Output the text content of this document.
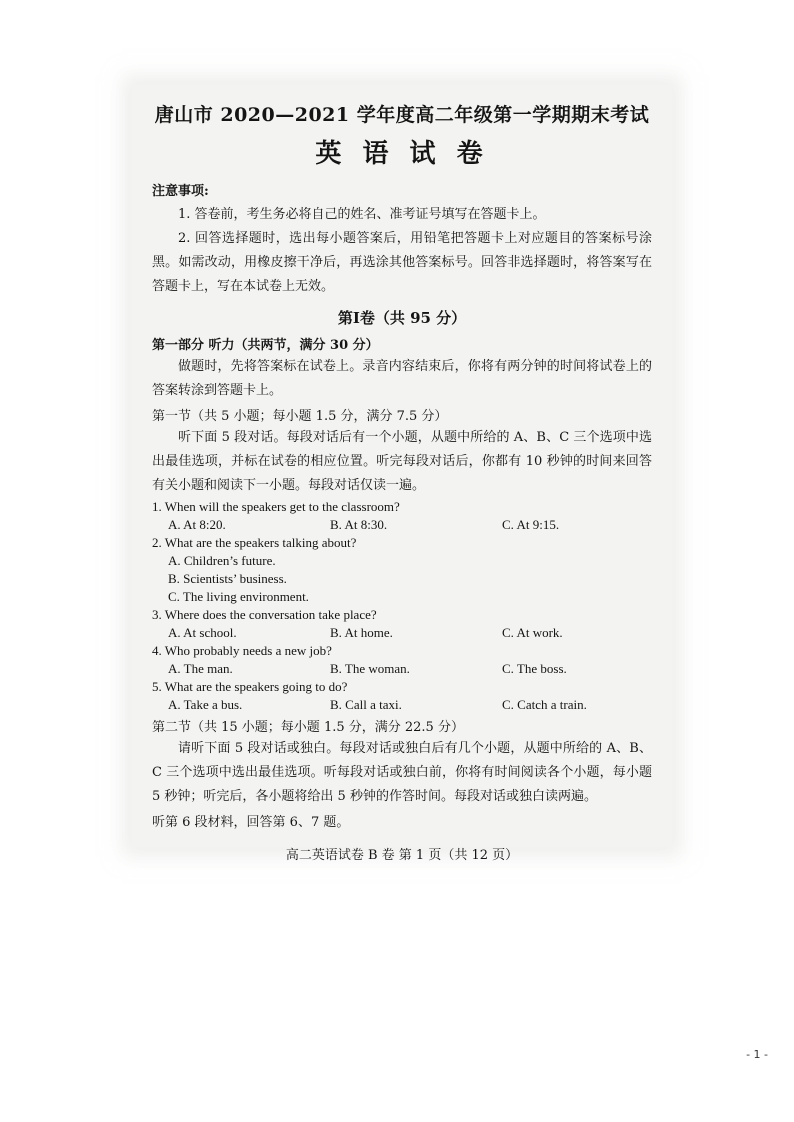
唐山市 2020—2021 学年度高二年级第一学期期末考试
英 语 试 卷
注意事项:

1. 答卷前，考生务必将自己的姓名、准考证号填写在答题卡上。

2. 回答选择题时，选出每小题答案后，用铅笔把答题卡上对应题目的答案标号涂黑。如需改动，用橡皮擦干净后，再选涂其他答案标号。回答非选择题时，将答案写在答题卡上，写在本试卷上无效。

第Ⅰ卷（共 95 分）
第一部分 听力（共两节，满分 30 分）

做题时，先将答案标在试卷上。录音内容结束后，你将有两分钟的时间将试卷上的答案转涂到答题卡上。

第一节（共 5 小题；每小题 1.5 分，满分 7.5 分）

听下面 5 段对话。每段对话后有一个小题，从题中所给的 A、B、C 三个选项中选出最佳选项，并标在试卷的相应位置。听完每段对话后，你都有 10 秒钟的时间来回答有关小题和阅读下一小题。每段对话仅读一遍。

1. When will the speakers get to the classroom?
A. At 8:20.	B. At 8:30.	C. At 9:15.
2. What are the speakers talking about?
A. Children’s future.
B. Scientists’ business.
C. The living environment.
3. Where does the conversation take place?
A. At school.	B. At home.	C. At work.
4. Who probably needs a new job?
A. The man.	B. The woman.	C. The boss.
5. What are the speakers going to do?
A. Take a bus.	B. Call a taxi.	C. Catch a train.
第二节（共 15 小题；每小题 1.5 分，满分 22.5 分）

请听下面 5 段对话或独白。每段对话或独白后有几个小题，从题中所给的 A、B、C 三个选项中选出最佳选项。听每段对话或独白前，你将有时间阅读各个小题，每小题 5 秒钟；听完后，各小题将给出 5 秒钟的作答时间。每段对话或独白读两遍。

听第 6 段材料，回答第 6、7 题。
高二英语试卷 B 卷 第 1 页（共 12 页）
- 1 -
